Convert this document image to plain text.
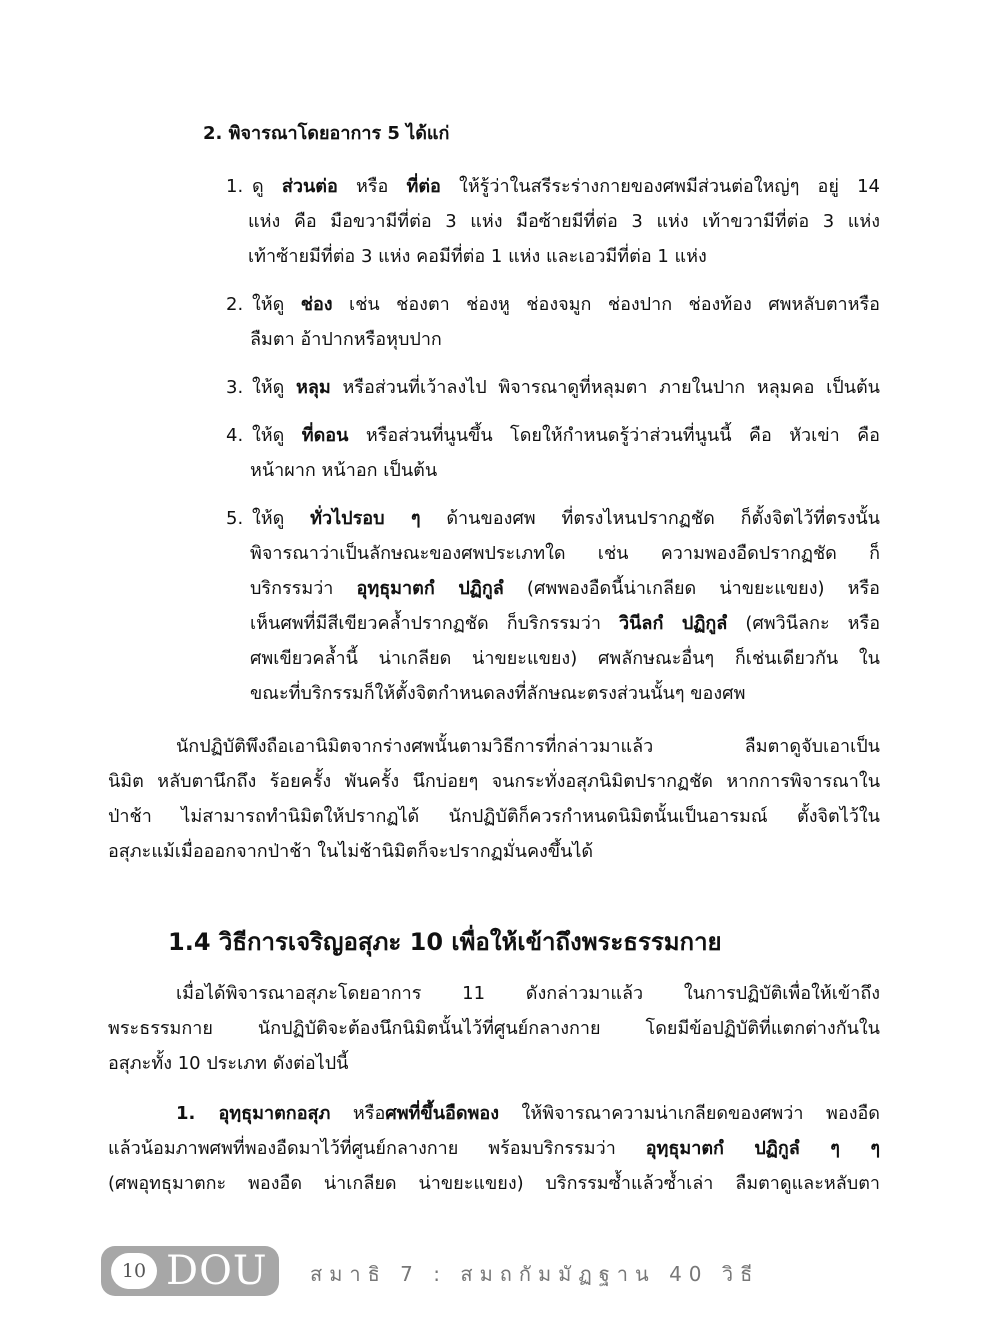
2. พิจารณาโดยอาการ 5 ได้แก่
1. ดู ส่วนต่อ หรือ ที่ต่อ ให้รู้ว่าในสรีระร่างกายของศพมีส่วนต่อใหญ่ๆ อยู่ 14
แห่ง คือ มือขวามีที่ต่อ 3 แห่ง มือซ้ายมีที่ต่อ 3 แห่ง เท้าขวามีที่ต่อ 3 แห่ง
เท้าซ้ายมีที่ต่อ 3 แห่ง คอมีที่ต่อ 1 แห่ง และเอวมีที่ต่อ 1 แห่ง
2. ให้ดู ช่อง เช่น ช่องตา ช่องหู ช่องจมูก ช่องปาก ช่องท้อง ศพหลับตาหรือ
ลืมตา อ้าปากหรือหุบปาก
3. ให้ดู หลุม หรือส่วนที่เว้าลงไป พิจารณาดูที่หลุมตา ภายในปาก หลุมคอ เป็นต้น
4. ให้ดู ที่ดอน หรือส่วนที่นูนขึ้น โดยให้กำหนดรู้ว่าส่วนที่นูนนี้ คือ หัวเข่า คือ
หน้าผาก หน้าอก เป็นต้น
5. ให้ดู ทั่วไปรอบ ๆ ด้านของศพ ที่ตรงไหนปรากฏชัด ก็ตั้งจิตไว้ที่ตรงนั้น
พิจารณาว่าเป็นลักษณะของศพประเภทใด เช่น ความพองอืดปรากฏชัด ก็
บริกรรมว่า อุทฺธุมาตกํ ปฏิกูลํ (ศพพองอืดนี้น่าเกลียด น่าขยะแขยง) หรือ
เห็นศพที่มีสีเขียวคล้ำปรากฏชัด ก็บริกรรมว่า วินีลกํ ปฏิกูลํ (ศพวินีลกะ หรือ
ศพเขียวคล้ำนี้ น่าเกลียด น่าขยะแขยง) ศพลักษณะอื่นๆ ก็เช่นเดียวกัน ใน
ขณะที่บริกรรมก็ให้ตั้งจิตกำหนดลงที่ลักษณะตรงส่วนนั้นๆ ของศพ
นักปฏิบัติพึงถือเอานิมิตจากร่างศพนั้นตามวิธีการที่กล่าวมาแล้ว ลืมตาดูจับเอาเป็น
นิมิต หลับตานึกถึง ร้อยครั้ง พันครั้ง นึกบ่อยๆ จนกระทั่งอสุภนิมิตปรากฏชัด หากการพิจารณาใน
ป่าช้า ไม่สามารถทำนิมิตให้ปรากฏได้ นักปฏิบัติก็ควรกำหนดนิมิตนั้นเป็นอารมณ์ ตั้งจิตไว้ใน
อสุภะแม้เมื่อออกจากป่าช้า ในไม่ช้านิมิตก็จะปรากฏมั่นคงขึ้นได้
1.4 วิธีการเจริญอสุภะ 10 เพื่อให้เข้าถึงพระธรรมกาย
เมื่อได้พิจารณาอสุภะโดยอาการ 11 ดังกล่าวมาแล้ว ในการปฏิบัติเพื่อให้เข้าถึง
พระธรรมกาย นักปฏิบัติจะต้องนึกนิมิตนั้นไว้ที่ศูนย์กลางกาย โดยมีข้อปฏิบัติที่แตกต่างกันใน
อสุภะทั้ง 10 ประเภท ดังต่อไปนี้
1. อุทฺธุมาตกอสุภ หรือศพที่ขึ้นอืดพอง ให้พิจารณาความน่าเกลียดของศพว่า พองอืด
แล้วน้อมภาพศพที่พองอืดมาไว้ที่ศูนย์กลางกาย พร้อมบริกรรมว่า อุทฺธุมาตกํ ปฏิกูลํ ๆ ๆ
(ศพอุทธุมาตกะ พองอืด น่าเกลียด น่าขยะแขยง) บริกรรมซ้ำแล้วซ้ำเล่า ลืมตาดูและหลับตา
10 DOU สมาธิ 7 : สมถกัมมัฏฐาน 40 วิธี
